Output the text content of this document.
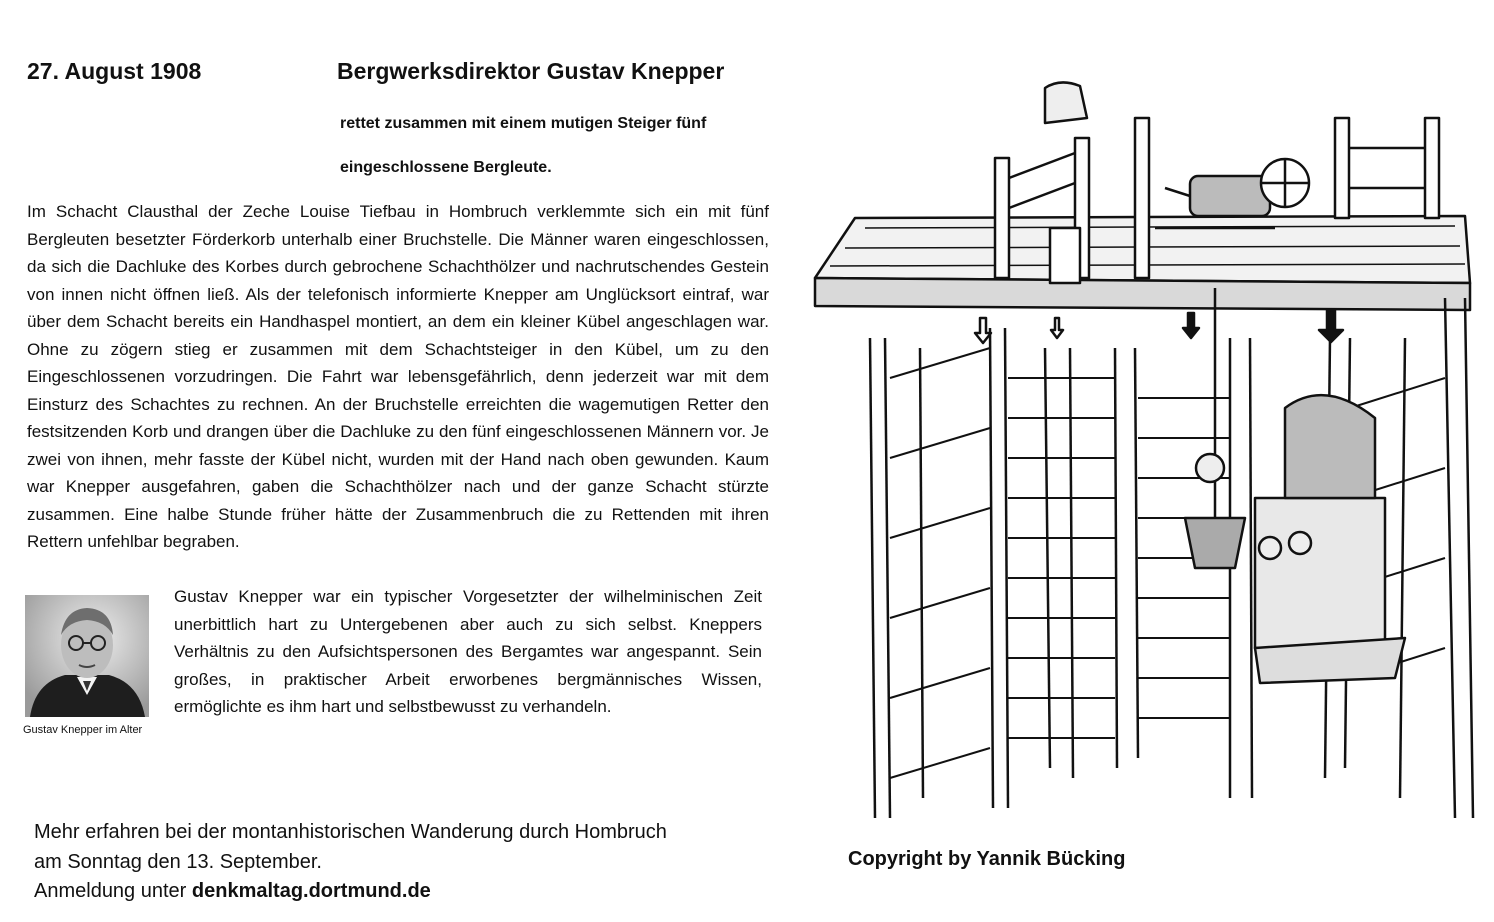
27. August 1908	Bergwerksdirektor Gustav Knepper
rettet zusammen mit einem mutigen Steiger fünf
eingeschlossene Bergleute.

Im Schacht Clausthal der Zeche Louise Tiefbau in Hombruch verklemmte sich ein mit fünf Bergleuten besetzter Förderkorb unterhalb einer Bruchstelle. Die Männer waren eingeschlossen, da sich die Dachluke des Korbes durch gebrochene Schachthölzer und nachrutschendes Gestein von innen nicht öffnen ließ. Als der telefonisch informierte Knepper am Unglücksort eintraf, war über dem Schacht bereits ein Handhaspel montiert, an dem ein kleiner Kübel angeschlagen war. Ohne zu zögern stieg er zusammen mit dem Schachtsteiger in den Kübel, um zu den Eingeschlossenen vorzudringen. Die Fahrt war lebensgefährlich, denn jederzeit war mit dem Einsturz des Schachtes zu rechnen. An der Bruchstelle erreichten die wagemutigen Retter den festsitzenden Korb und drangen über die Dachluke zu den fünf eingeschlossenen Männern vor. Je zwei von ihnen, mehr fasste der Kübel nicht, wurden mit der Hand nach oben gewunden. Kaum war Knepper ausgefahren, gaben die Schachthölzer nach und der ganze Schacht stürzte zusammen. Eine halbe Stunde früher hätte der Zusammenbruch die zu Rettenden mit ihren Rettern unfehlbar begraben.

Gustav Knepper im Alter

Gustav Knepper war ein typischer Vorgesetzter der wilhelminischen Zeit unerbittlich hart zu Untergebenen aber auch zu sich selbst. Kneppers Verhältnis zu den Aufsichtspersonen des Bergamtes war angespannt. Sein großes, in praktischer Arbeit erworbenes bergmännisches Wissen, ermöglichte es ihm hart und selbstbewusst zu verhandeln.

Mehr erfahren bei der montanhistorischen Wanderung durch Hombruch
am Sonntag den 13. September.
Anmeldung unter denkmaltag.dortmund.de
Copyright by Yannik Bücking
